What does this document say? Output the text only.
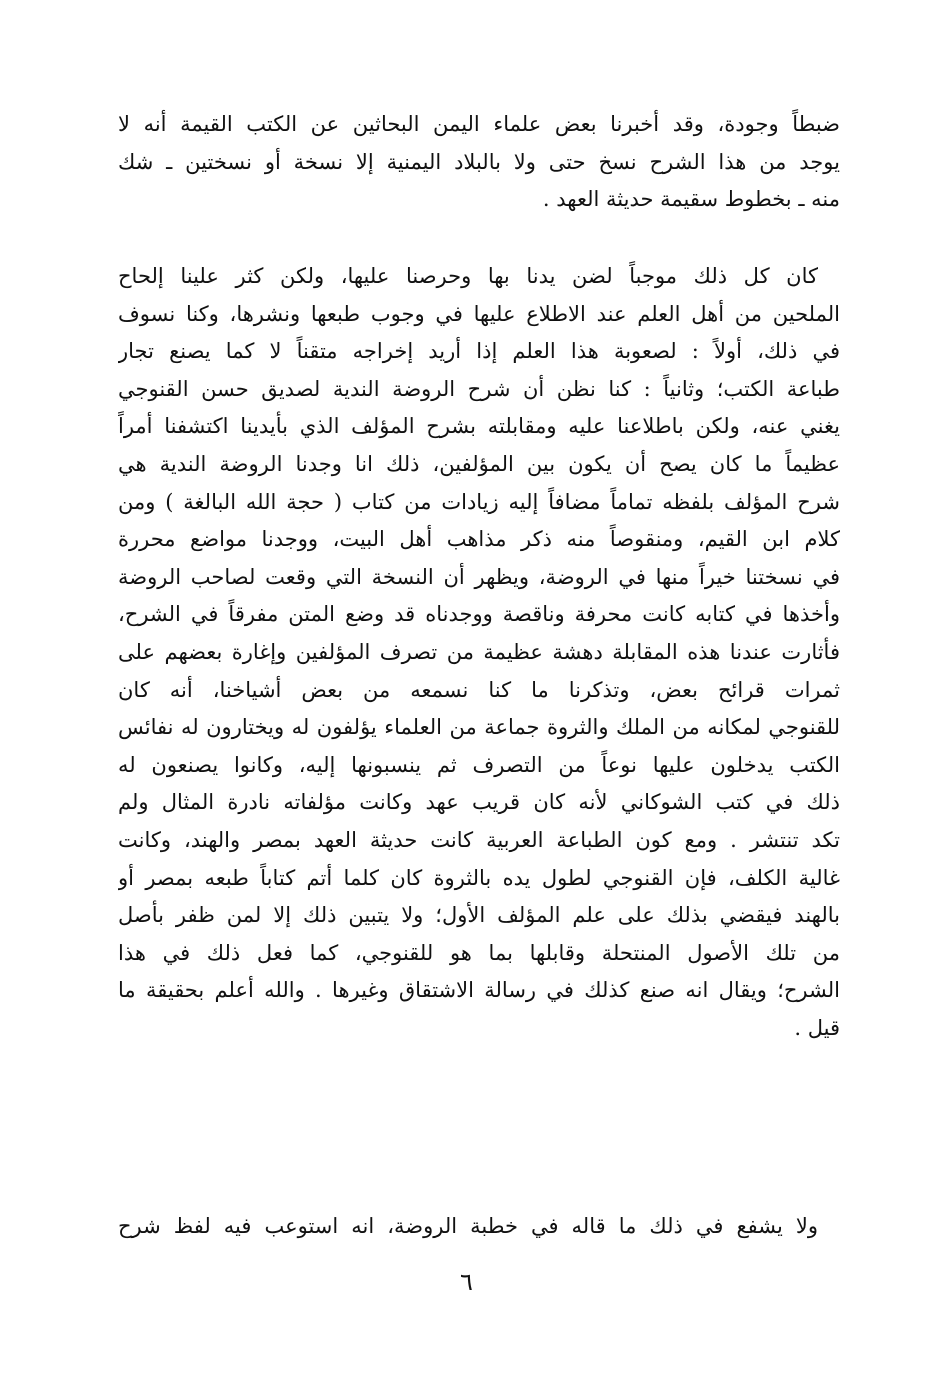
ضبطاً وجودة، وقد أخبرنا بعض علماء اليمن البحاثين عن الكتب القيمة أنه لا
يوجد من هذا الشرح نسخ حتى ولا بالبلاد اليمنية إلا نسخة أو نسختين ـ شك
منه ـ بخطوط سقيمة حديثة العهد .
كان كل ذلك موجباً لضن يدنا بها وحرصنا عليها، ولكن كثر علينا إلحاح
الملحين من أهل العلم عند الاطلاع عليها في وجوب طبعها ونشرها، وكنا نسوف
في ذلك، أولاً : لصعوبة هذا العلم إذا أريد إخراجه متقناً لا كما يصنع تجار
طباعة الكتب؛ وثانياً : كنا نظن أن شرح الروضة الندية لصديق حسن القنوجي
يغني عنه، ولكن باطلاعنا عليه ومقابلته بشرح المؤلف الذي بأيدينا اكتشفنا أمراً
عظيماً ما كان يصح أن يكون بين المؤلفين، ذلك انا وجدنا الروضة الندية هي
شرح المؤلف بلفظه تماماً مضافاً إليه زيادات من كتاب ( حجة الله البالغة ) ومن
كلام ابن القيم، ومنقوصاً منه ذكر مذاهب أهل البيت، ووجدنا مواضع محررة
في نسختنا خيراً منها في الروضة، ويظهر أن النسخة التي وقعت لصاحب الروضة
وأخذها في كتابه كانت محرفة وناقصة ووجدناه قد وضع المتن مفرقاً في الشرح،
فأثارت عندنا هذه المقابلة دهشة عظيمة من تصرف المؤلفين وإغارة بعضهم على
ثمرات قرائح بعض، وتذكرنا ما كنا نسمعه من بعض أشياخنا، أنه كان
للقنوجي لمكانه من الملك والثروة جماعة من العلماء يؤلفون له ويختارون له نفائس
الكتب يدخلون عليها نوعاً من التصرف ثم ينسبونها إليه، وكانوا يصنعون له
ذلك في كتب الشوكاني لأنه كان قريب عهد وكانت مؤلفاته نادرة المثال ولم
تكد تنتشر . ومع كون الطباعة العربية كانت حديثة العهد بمصر والهند، وكانت
غالية الكلف، فإن القنوجي لطول يده بالثروة كان كلما أتم كتاباً طبعه بمصر أو
بالهند فيقضي بذلك على علم المؤلف الأول؛ ولا يتبين ذلك إلا لمن ظفر بأصل
من تلك الأصول المنتحلة وقابلها بما هو للقنوجي، كما فعل ذلك في هذا
الشرح؛ ويقال انه صنع كذلك في رسالة الاشتقاق وغيرها . والله أعلم بحقيقة ما
قيل .
ولا يشفع في ذلك ما قاله في خطبة الروضة، انه استوعب فيه لفظ شرح
٦
